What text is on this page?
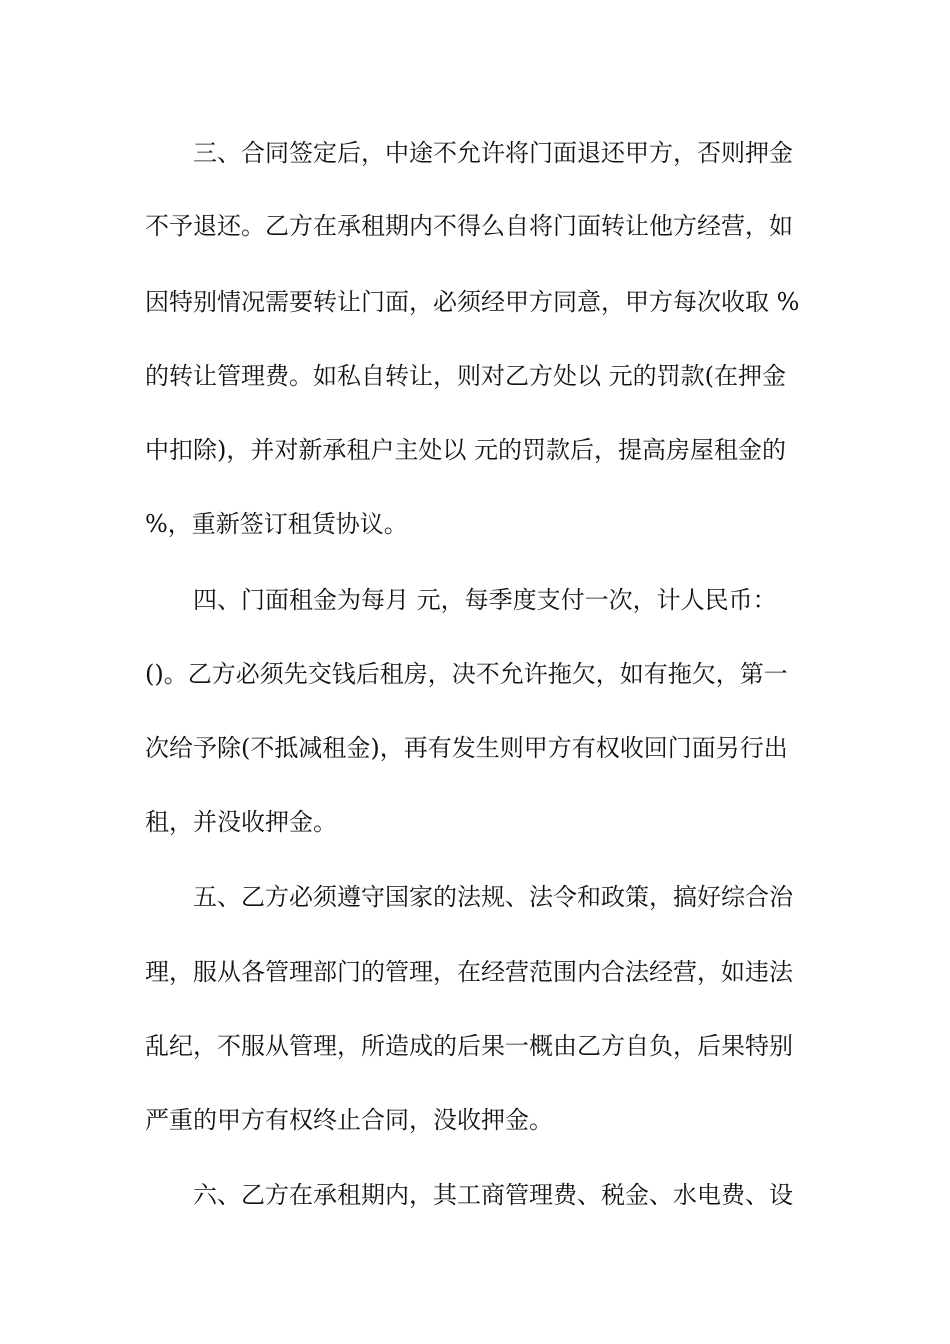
三、合同签定后，中途不允许将门面退还甲方，否则押金
不予退还。乙方在承租期内不得么自将门面转让他方经营，如
因特别情况需要转让门面，必须经甲方同意，甲方每次收取 %
的转让管理费。如私自转让，则对乙方处以 元的罚款(在押金
中扣除)，并对新承租户主处以 元的罚款后，提高房屋租金的
%，重新签订租赁协议。
四、门面租金为每月 元，每季度支付一次，计人民币：
()。乙方必须先交钱后租房，决不允许拖欠，如有拖欠，第一
次给予除(不抵减租金)，再有发生则甲方有权收回门面另行出
租，并没收押金。
五、乙方必须遵守国家的法规、法令和政策，搞好综合治
理，服从各管理部门的管理，在经营范围内合法经营，如违法
乱纪，不服从管理，所造成的后果一概由乙方自负，后果特别
严重的甲方有权终止合同，没收押金。
六、乙方在承租期内，其工商管理费、税金、水电费、设
